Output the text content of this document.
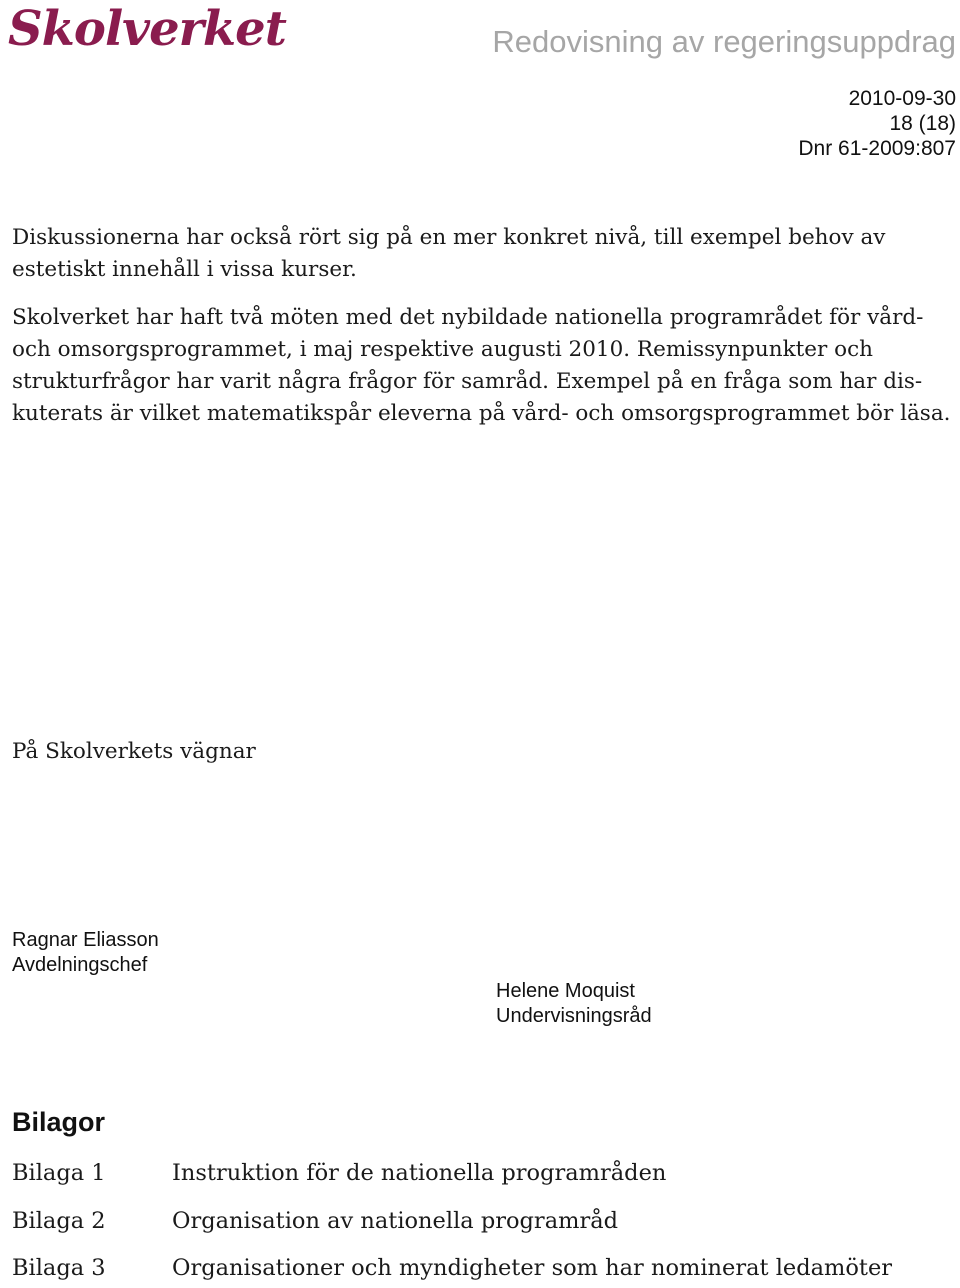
Skolverket	Redovisning av regeringsuppdrag
2010-09-30
18 (18)
Dnr 61-2009:807
Diskussionerna har också rört sig på en mer konkret nivå, till exempel behov av estetiskt innehåll i vissa kurser.
Skolverket har haft två möten med det nybildade nationella programrådet för vård- och omsorgsprogrammet, i maj respektive augusti 2010. Remissynpunkter och strukturfrågor har varit några frågor för samråd. Exempel på en fråga som har dis-kuterats är vilket matematikspår eleverna på vård- och omsorgsprogrammet bör läsa.
På Skolverkets vägnar
Ragnar Eliasson
Avdelningschef
Helene Moquist
Undervisningsråd
Bilagor
Bilaga 1	Instruktion för de nationella programråden
Bilaga 2	Organisation av nationella programråd
Bilaga 3	Organisationer och myndigheter som har nominerat ledamöter
